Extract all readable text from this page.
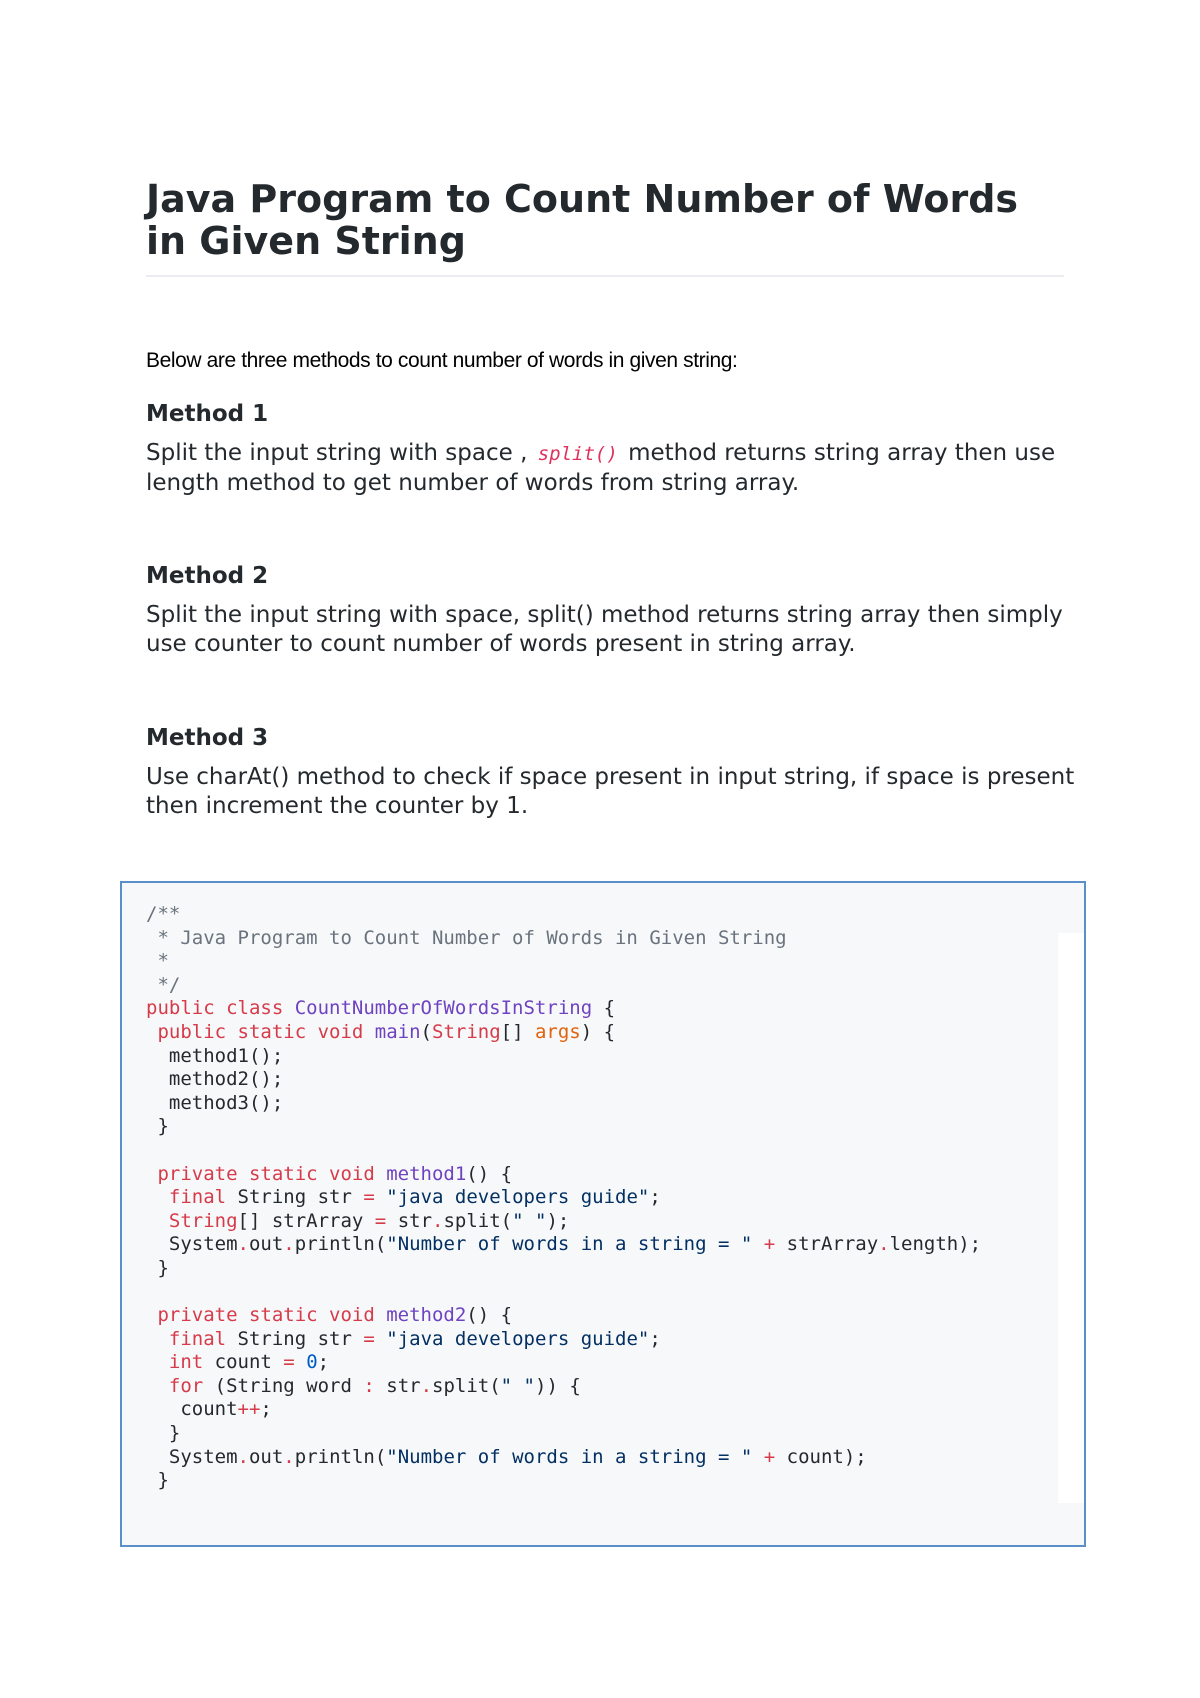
Java Program to Count Number of Words in Given String

Below are three methods to count number of words in given string:

Method 1

Split the input string with space , split() method returns string array then use length method to get number of words from string array.

Method 2

Split the input string with space, split() method returns string array then simply use counter to count number of words present in string array.

Method 3

Use charAt() method to check if space present in input string, if space is present then increment the counter by 1.

/**
* Java Program to Count Number of Words in Given String
*
*/
public class CountNumberOfWordsInString {
public static void main(String[] args) {
method1();
method2();
method3();
}

private static void method1() {
final String str = "java developers guide";
String[] strArray = str.split(" ");
System.out.println("Number of words in a string = " + strArray.length);
}

private static void method2() {
final String str = "java developers guide";
int count = 0;
for (String word : str.split(" ")) {
count++;
}
System.out.println("Number of words in a string = " + count);
}
